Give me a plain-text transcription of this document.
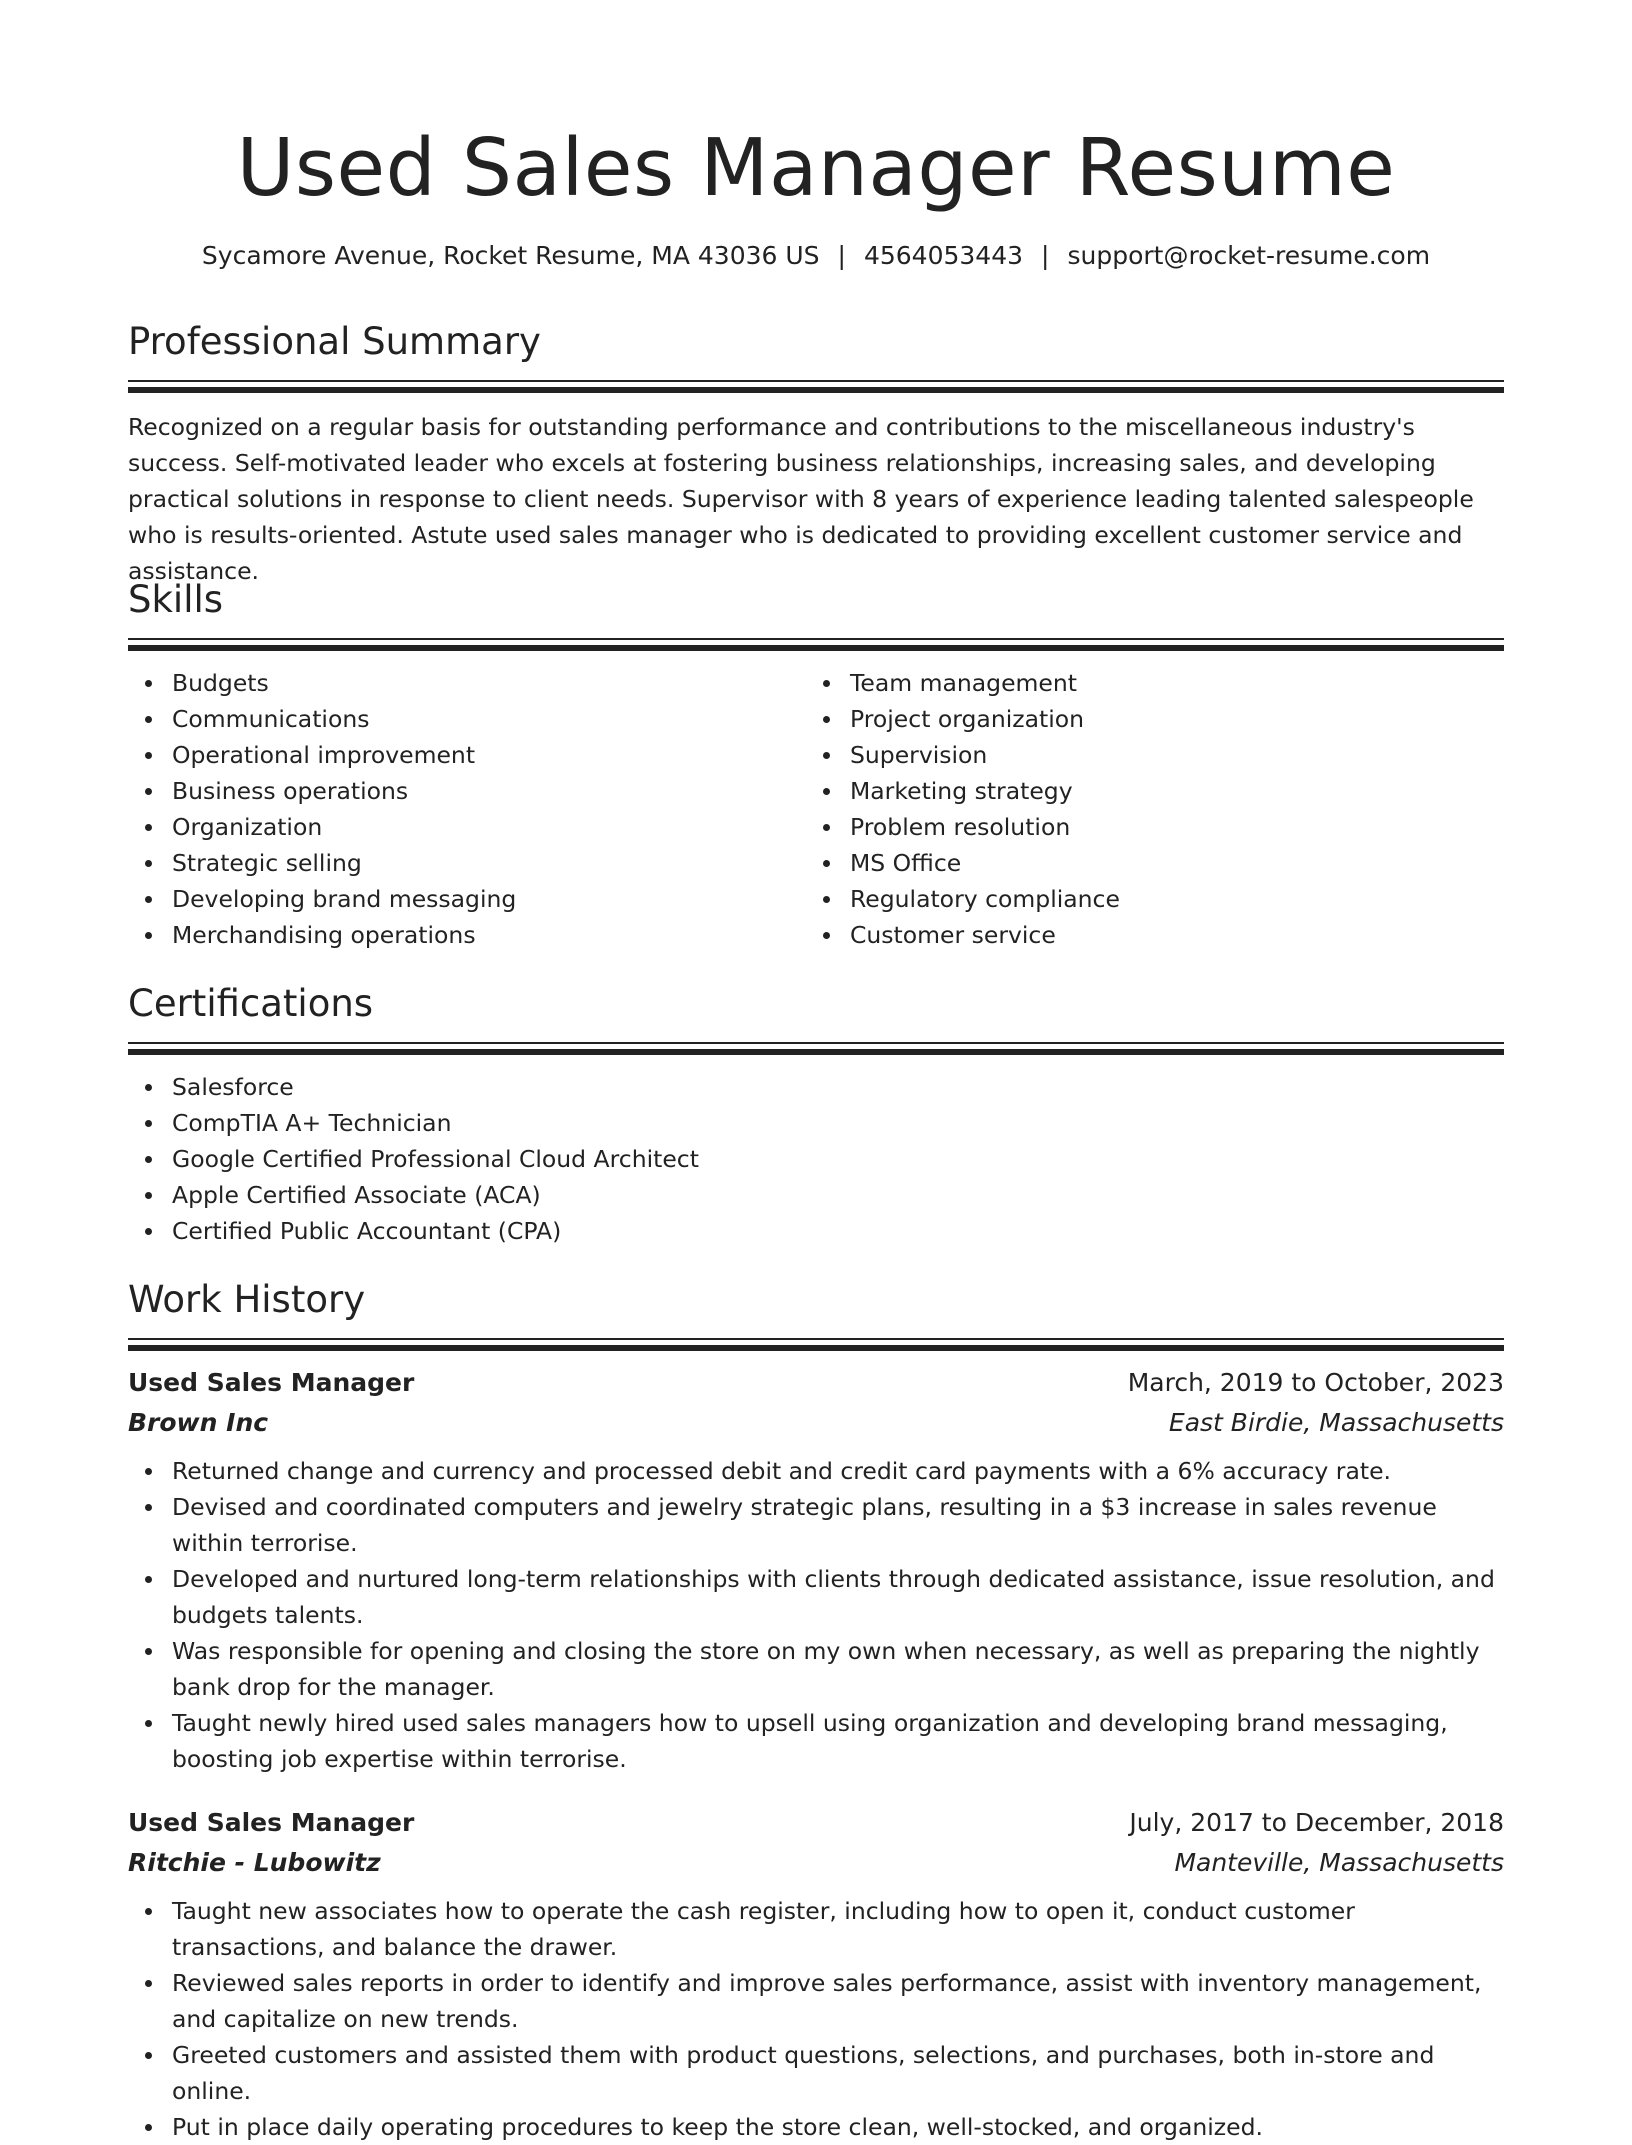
Used Sales Manager Resume
Sycamore Avenue, Rocket Resume, MA 43036 US | 4564053443 | support@rocket-resume.com
Professional Summary

Recognized on a regular basis for outstanding performance and contributions to the miscellaneous industry's success. Self-motivated leader who excels at fostering business relationships, increasing sales, and developing practical solutions in response to client needs. Supervisor with 8 years of experience leading talented salespeople who is results-oriented. Astute used sales manager who is dedicated to providing excellent customer service and assistance.

Skills
Budgets
Communications
Operational improvement
Business operations
Organization
Strategic selling
Developing brand messaging
Merchandising operations
Team management
Project organization
Supervision
Marketing strategy
Problem resolution
MS Office
Regulatory compliance
Customer service
Certifications
Salesforce
CompTIA A+ Technician
Google Certified Professional Cloud Architect
Apple Certified Associate (ACA)
Certified Public Accountant (CPA)
Work History
Used Sales Manager	March, 2019 to October, 2023
Brown Inc	East Birdie, Massachusetts
Returned change and currency and processed debit and credit card payments with a 6% accuracy rate.
Devised and coordinated computers and jewelry strategic plans, resulting in a $3 increase in sales revenue within terrorise.
Developed and nurtured long-term relationships with clients through dedicated assistance, issue resolution, and budgets talents.
Was responsible for opening and closing the store on my own when necessary, as well as preparing the nightly bank drop for the manager.
Taught newly hired used sales managers how to upsell using organization and developing brand messaging, boosting job expertise within terrorise.
Used Sales Manager	July, 2017 to December, 2018
Ritchie - Lubowitz	Manteville, Massachusetts
Taught new associates how to operate the cash register, including how to open it, conduct customer transactions, and balance the drawer.
Reviewed sales reports in order to identify and improve sales performance, assist with inventory management, and capitalize on new trends.
Greeted customers and assisted them with product questions, selections, and purchases, both in-store and online.
Put in place daily operating procedures to keep the store clean, well-stocked, and organized.
